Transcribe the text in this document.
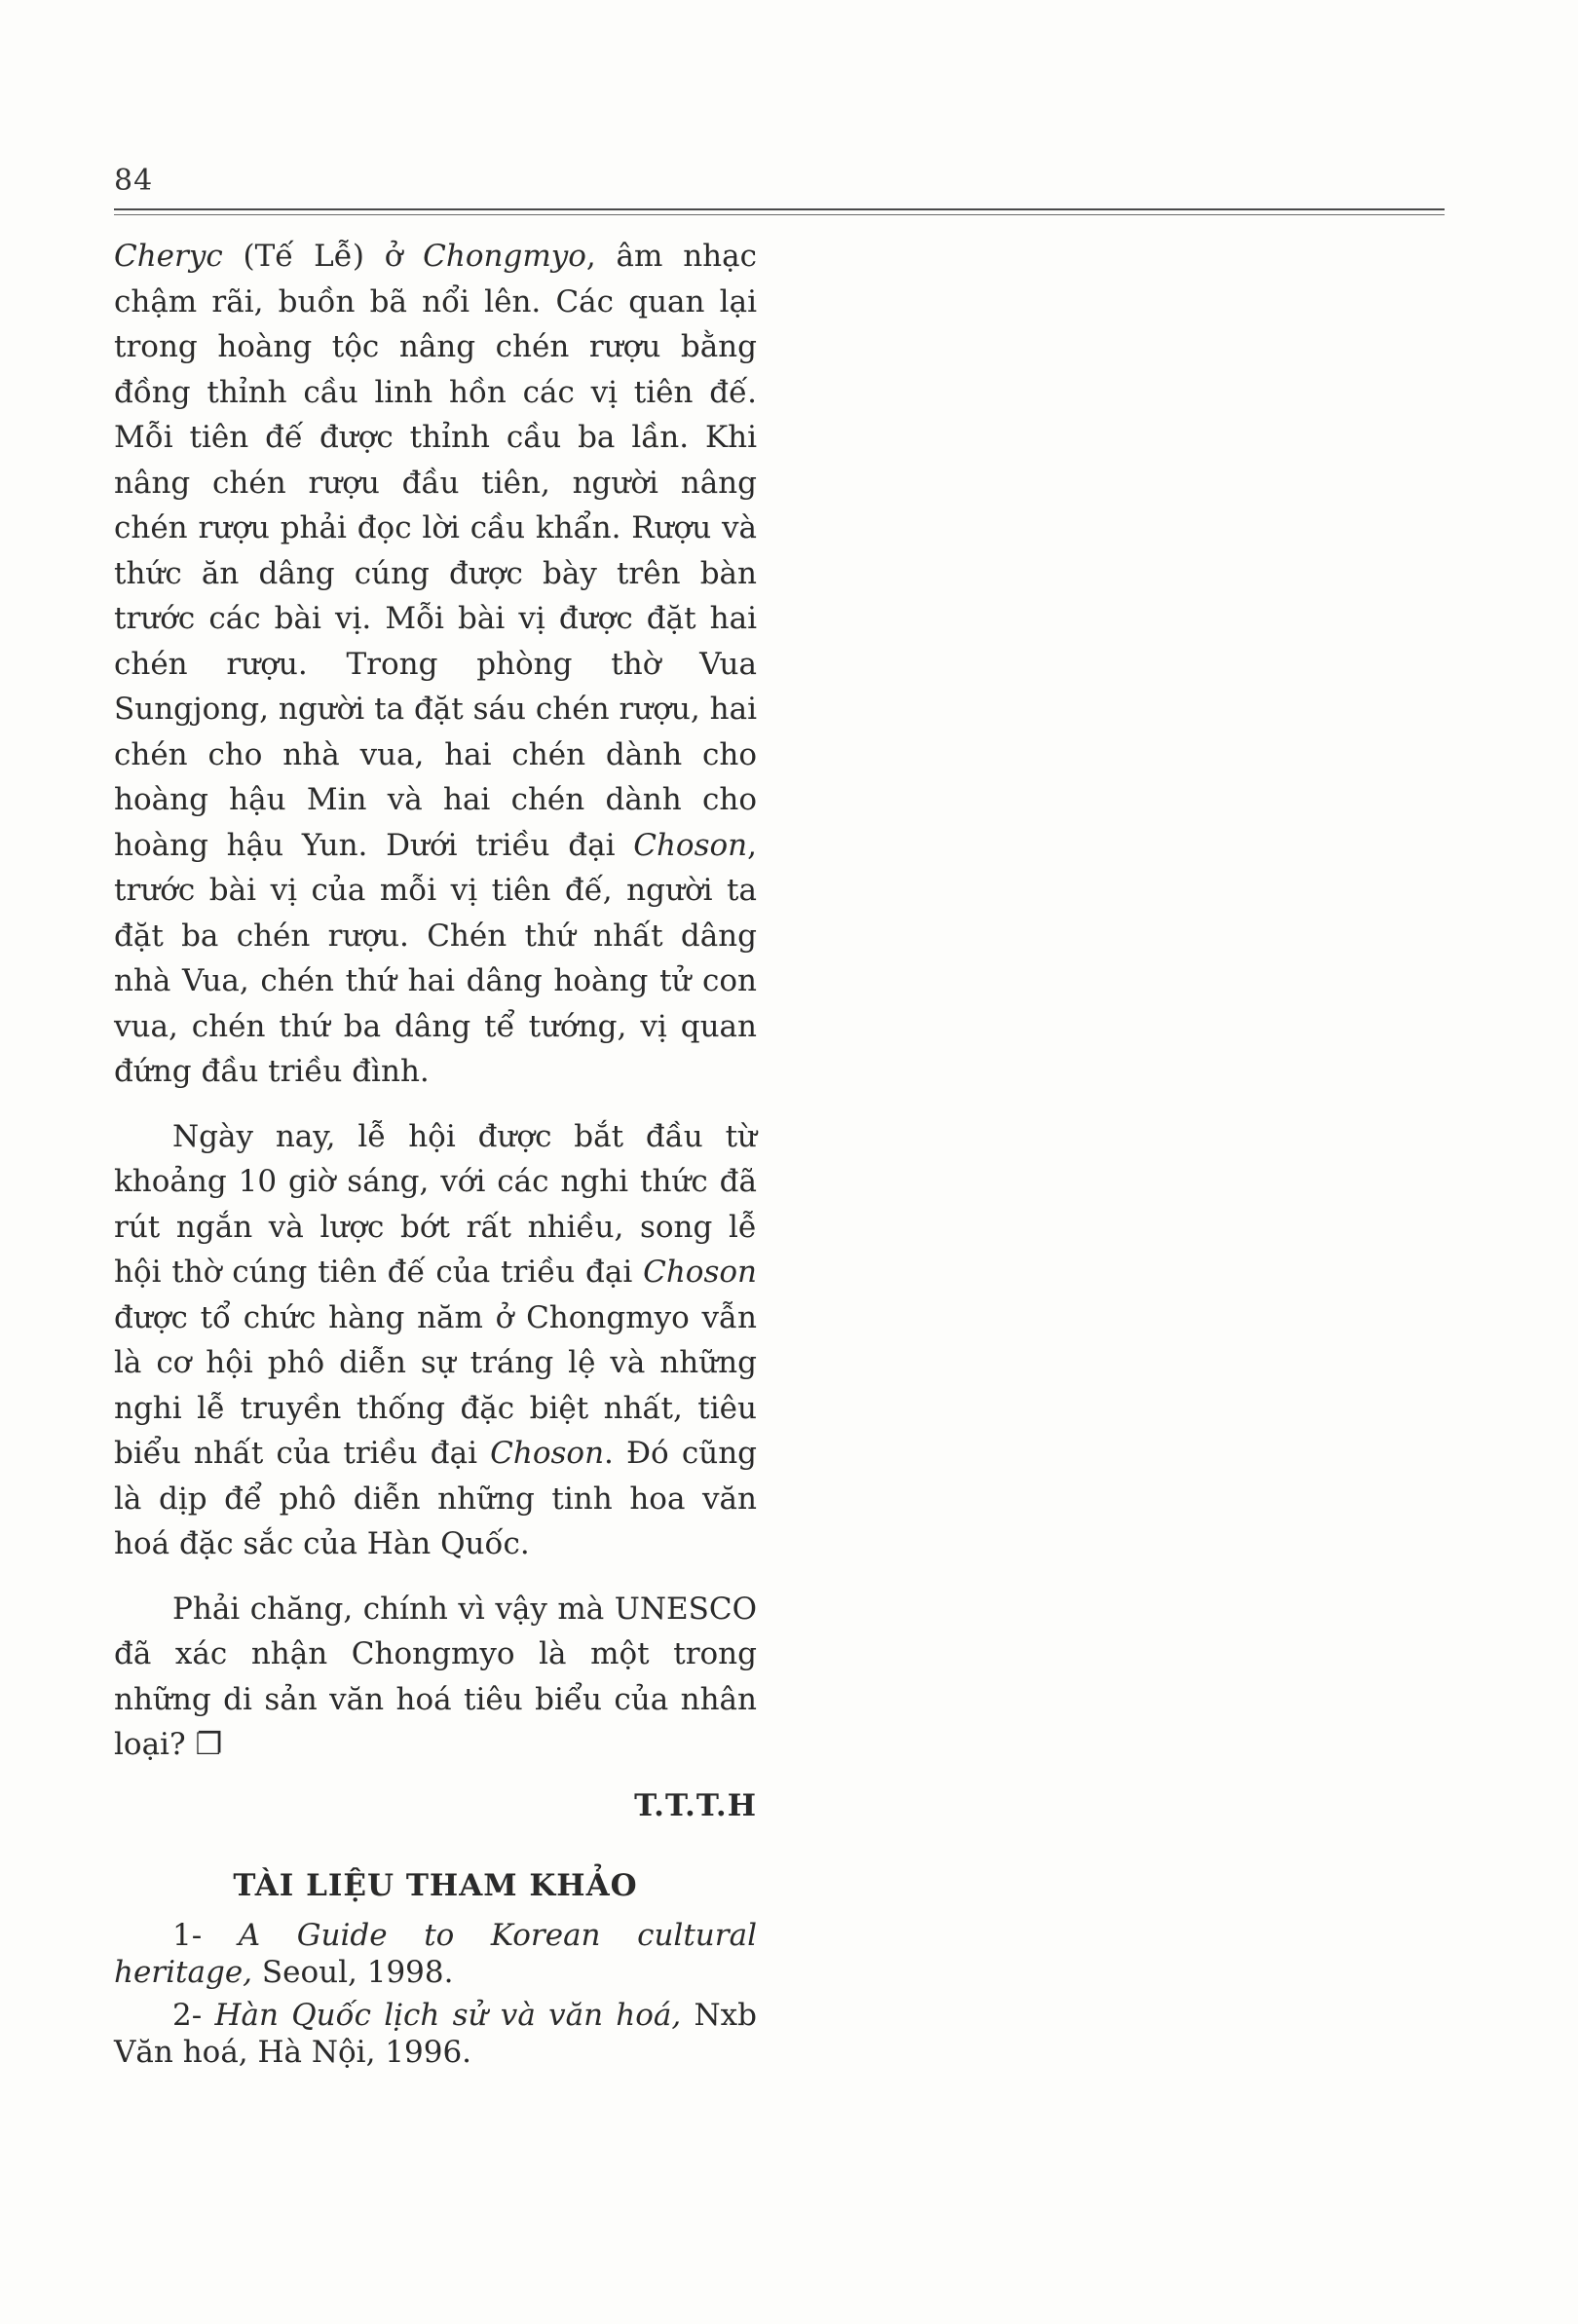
84

Cheryc (Tế Lễ) ở Chongmyo, âm nhạc chậm rãi, buồn bã nổi lên. Các quan lại trong hoàng tộc nâng chén rượu bằng đồng thỉnh cầu linh hồn các vị tiên đế. Mỗi tiên đế được thỉnh cầu ba lần. Khi nâng chén rượu đầu tiên, người nâng chén rượu phải đọc lời cầu khẩn. Rượu và thức ăn dâng cúng được bày trên bàn trước các bài vị. Mỗi bài vị được đặt hai chén rượu. Trong phòng thờ Vua Sungjong, người ta đặt sáu chén rượu, hai chén cho nhà vua, hai chén dành cho hoàng hậu Min và hai chén dành cho hoàng hậu Yun. Dưới triều đại Choson, trước bài vị của mỗi vị tiên đế, người ta đặt ba chén rượu. Chén thứ nhất dâng nhà Vua, chén thứ hai dâng hoàng tử con vua, chén thứ ba dâng tể tướng, vị quan đứng đầu triều đình.

Ngày nay, lễ hội được bắt đầu từ khoảng 10 giờ sáng, với các nghi thức đã rút ngắn và lược bớt rất nhiều, song lễ hội thờ cúng tiên đế của triều đại Choson được tổ chức hàng năm ở Chongmyo vẫn là cơ hội phô diễn sự tráng lệ và những nghi lễ truyền thống đặc biệt nhất, tiêu biểu nhất của triều đại Choson. Đó cũng là dịp để phô diễn những tinh hoa văn hoá đặc sắc của Hàn Quốc.

Phải chăng, chính vì vậy mà UNESCO đã xác nhận Chongmyo là một trong những di sản văn hoá tiêu biểu của nhân loại? ❐

T.T.T.H

TÀI LIỆU THAM KHẢO

1- A Guide to Korean cultural heritage, Seoul, 1998.

2- Hàn Quốc lịch sử và văn hoá, Nxb Văn hoá, Hà Nội, 1996.
